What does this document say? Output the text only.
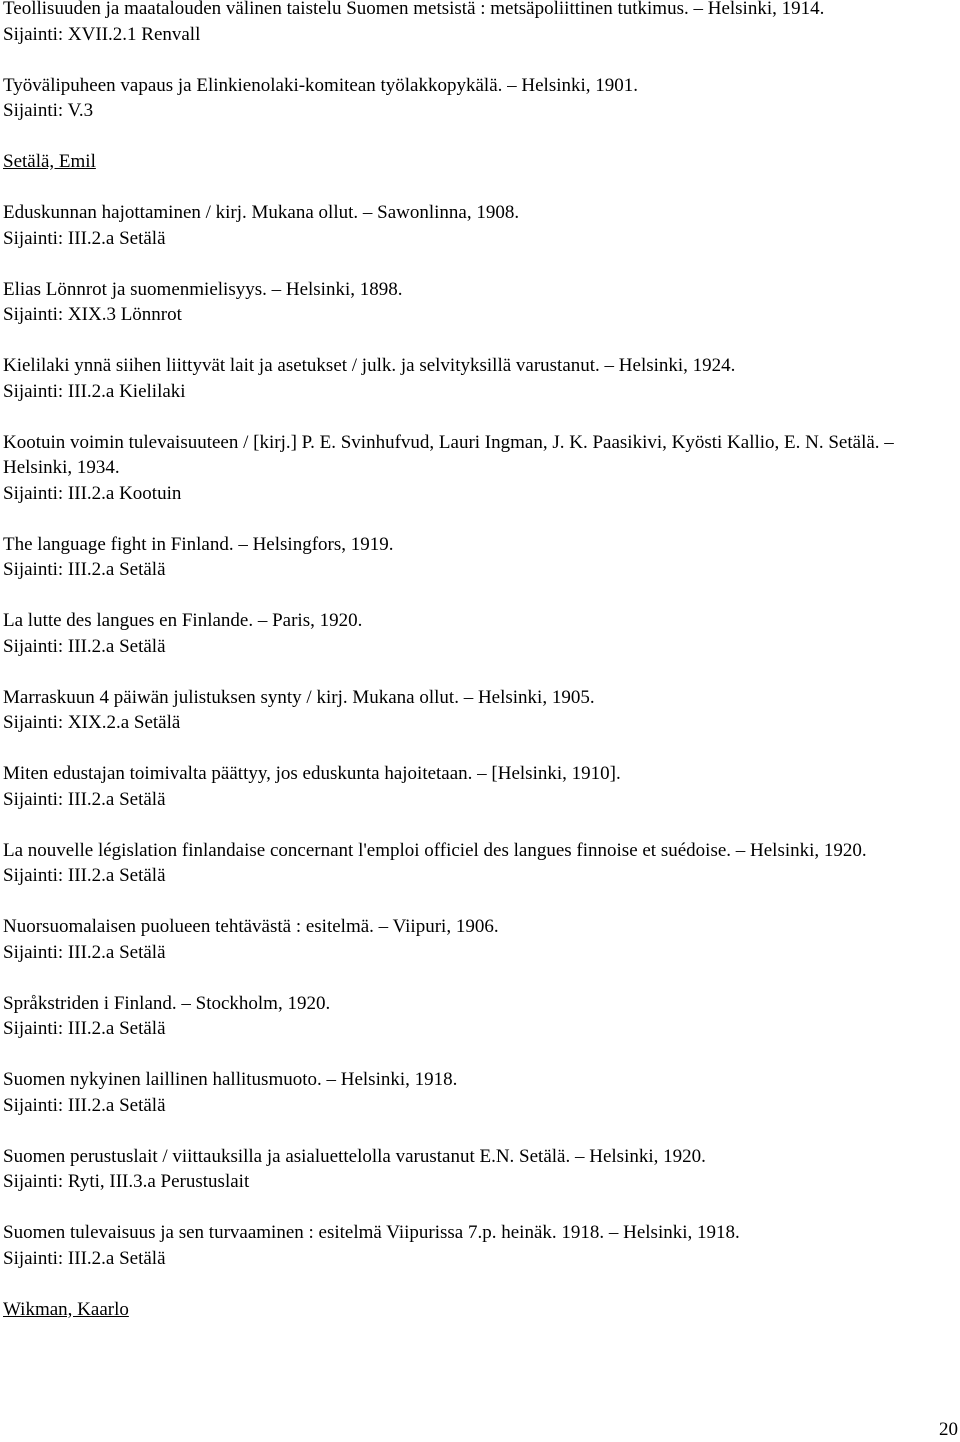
Teollisuuden ja maatalouden välinen taistelu Suomen metsistä : metsäpoliittinen tutkimus. – Helsinki, 1914.
Sijainti: XVII.2.1 Renvall
Työvälipuheen vapaus ja Elinkienolaki-komitean työlakkopykälä. – Helsinki, 1901.
Sijainti: V.3
Setälä, Emil
Eduskunnan hajottaminen / kirj. Mukana ollut. – Sawonlinna, 1908.
Sijainti: III.2.a Setälä
Elias Lönnrot ja suomenmielisyys. – Helsinki, 1898.
Sijainti: XIX.3 Lönnrot
Kielilaki ynnä siihen liittyvät lait ja asetukset / julk. ja selvityksillä varustanut. – Helsinki, 1924.
Sijainti: III.2.a Kielilaki
Kootuin voimin tulevaisuuteen / [kirj.] P. E. Svinhufvud, Lauri Ingman, J. K. Paasikivi, Kyösti Kallio, E. N. Setälä. – Helsinki, 1934.
Sijainti: III.2.a Kootuin
The language fight in Finland. – Helsingfors, 1919.
Sijainti: III.2.a Setälä
La lutte des langues en Finlande. – Paris, 1920.
Sijainti: III.2.a Setälä
Marraskuun 4 päiwän julistuksen synty / kirj. Mukana ollut. – Helsinki, 1905.
Sijainti: XIX.2.a Setälä
Miten edustajan toimivalta päättyy, jos eduskunta hajoitetaan. – [Helsinki, 1910].
Sijainti: III.2.a Setälä
La nouvelle législation finlandaise concernant l'emploi officiel des langues finnoise et suédoise. – Helsinki, 1920.
Sijainti: III.2.a Setälä
Nuorsuomalaisen puolueen tehtävästä : esitelmä. – Viipuri, 1906.
Sijainti: III.2.a Setälä
Språkstriden i Finland. – Stockholm, 1920.
Sijainti: III.2.a Setälä
Suomen nykyinen laillinen hallitusmuoto. – Helsinki, 1918.
Sijainti: III.2.a Setälä
Suomen perustuslait / viittauksilla ja asialuettelolla varustanut E.N. Setälä. – Helsinki, 1920.
Sijainti: Ryti, III.3.a Perustuslait
Suomen tulevaisuus ja sen turvaaminen : esitelmä Viipurissa 7.p. heinäk. 1918. – Helsinki, 1918.
Sijainti: III.2.a Setälä
Wikman, Kaarlo
20
